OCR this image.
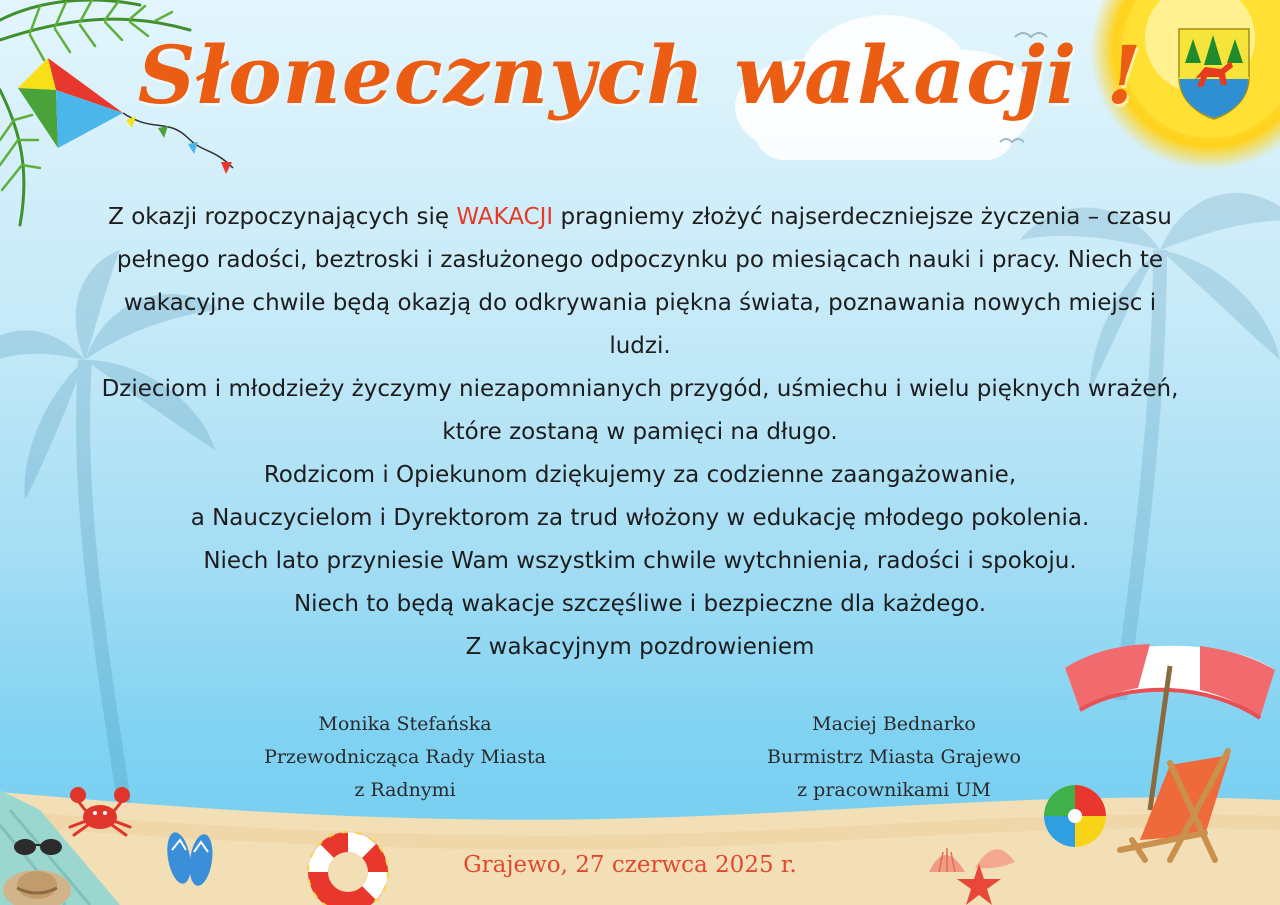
Słonecznych wakacji !

Z okazji rozpoczynających się WAKACJI pragniemy złożyć najserdeczniejsze życzenia – czasu pełnego radości, beztroski i zasłużonego odpoczynku po miesiącach nauki i pracy. Niech te wakacyjne chwile będą okazją do odkrywania piękna świata, poznawania nowych miejsc i ludzi.

Dzieciom i młodzieży życzymy niezapomnianych przygód, uśmiechu i wielu pięknych wrażeń, które zostaną w pamięci na długo.

Rodzicom i Opiekunom dziękujemy za codzienne zaangażowanie,

a Nauczycielom i Dyrektorom za trud włożony w edukację młodego pokolenia.

Niech lato przyniesie Wam wszystkim chwile wytchnienia, radości i spokoju.

Niech to będą wakacje szczęśliwe i bezpieczne dla każdego.

Z wakacyjnym pozdrowieniem

Monika Stefańska
Przewodnicząca Rady Miasta
z Radnymi
Maciej Bednarko
Burmistrz Miasta Grajewo
z pracownikami UM
Grajewo, 27 czerwca 2025 r.
